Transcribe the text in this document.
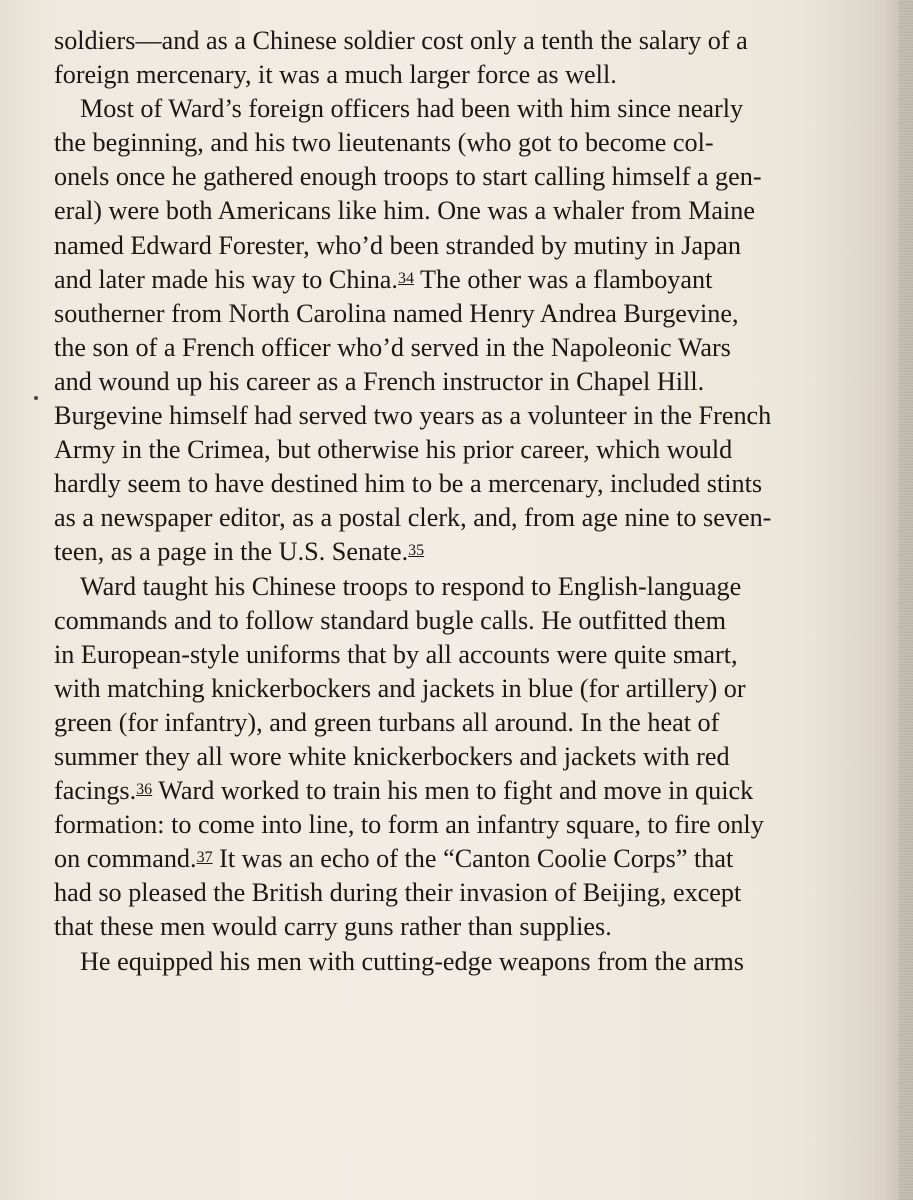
soldiers—and as a Chinese soldier cost only a tenth the salary of a
foreign mercenary, it was a much larger force as well.
Most of Ward’s foreign officers had been with him since nearly
the beginning, and his two lieutenants (who got to become col-
onels once he gathered enough troops to start calling himself a gen-
eral) were both Americans like him. One was a whaler from Maine
named Edward Forester, who’d been stranded by mutiny in Japan
and later made his way to China.$^{34}$ The other was a flamboyant
southerner from North Carolina named Henry Andrea Burgevine,
the son of a French officer who’d served in the Napoleonic Wars
and wound up his career as a French instructor in Chapel Hill.
Burgevine himself had served two years as a volunteer in the French
Army in the Crimea, but otherwise his prior career, which would
hardly seem to have destined him to be a mercenary, included stints
as a newspaper editor, as a postal clerk, and, from age nine to seven-
teen, as a page in the U.S. Senate.$^{35}$
Ward taught his Chinese troops to respond to English-language
commands and to follow standard bugle calls. He outfitted them
in European-style uniforms that by all accounts were quite smart,
with matching knickerbockers and jackets in blue (for artillery) or
green (for infantry), and green turbans all around. In the heat of
summer they all wore white knickerbockers and jackets with red
facings.$^{36}$ Ward worked to train his men to fight and move in quick
formation: to come into line, to form an infantry square, to fire only
on command.$^{37}$ It was an echo of the “Canton Coolie Corps” that
had so pleased the British during their invasion of Beijing, except
that these men would carry guns rather than supplies.
He equipped his men with cutting-edge weapons from the arms
